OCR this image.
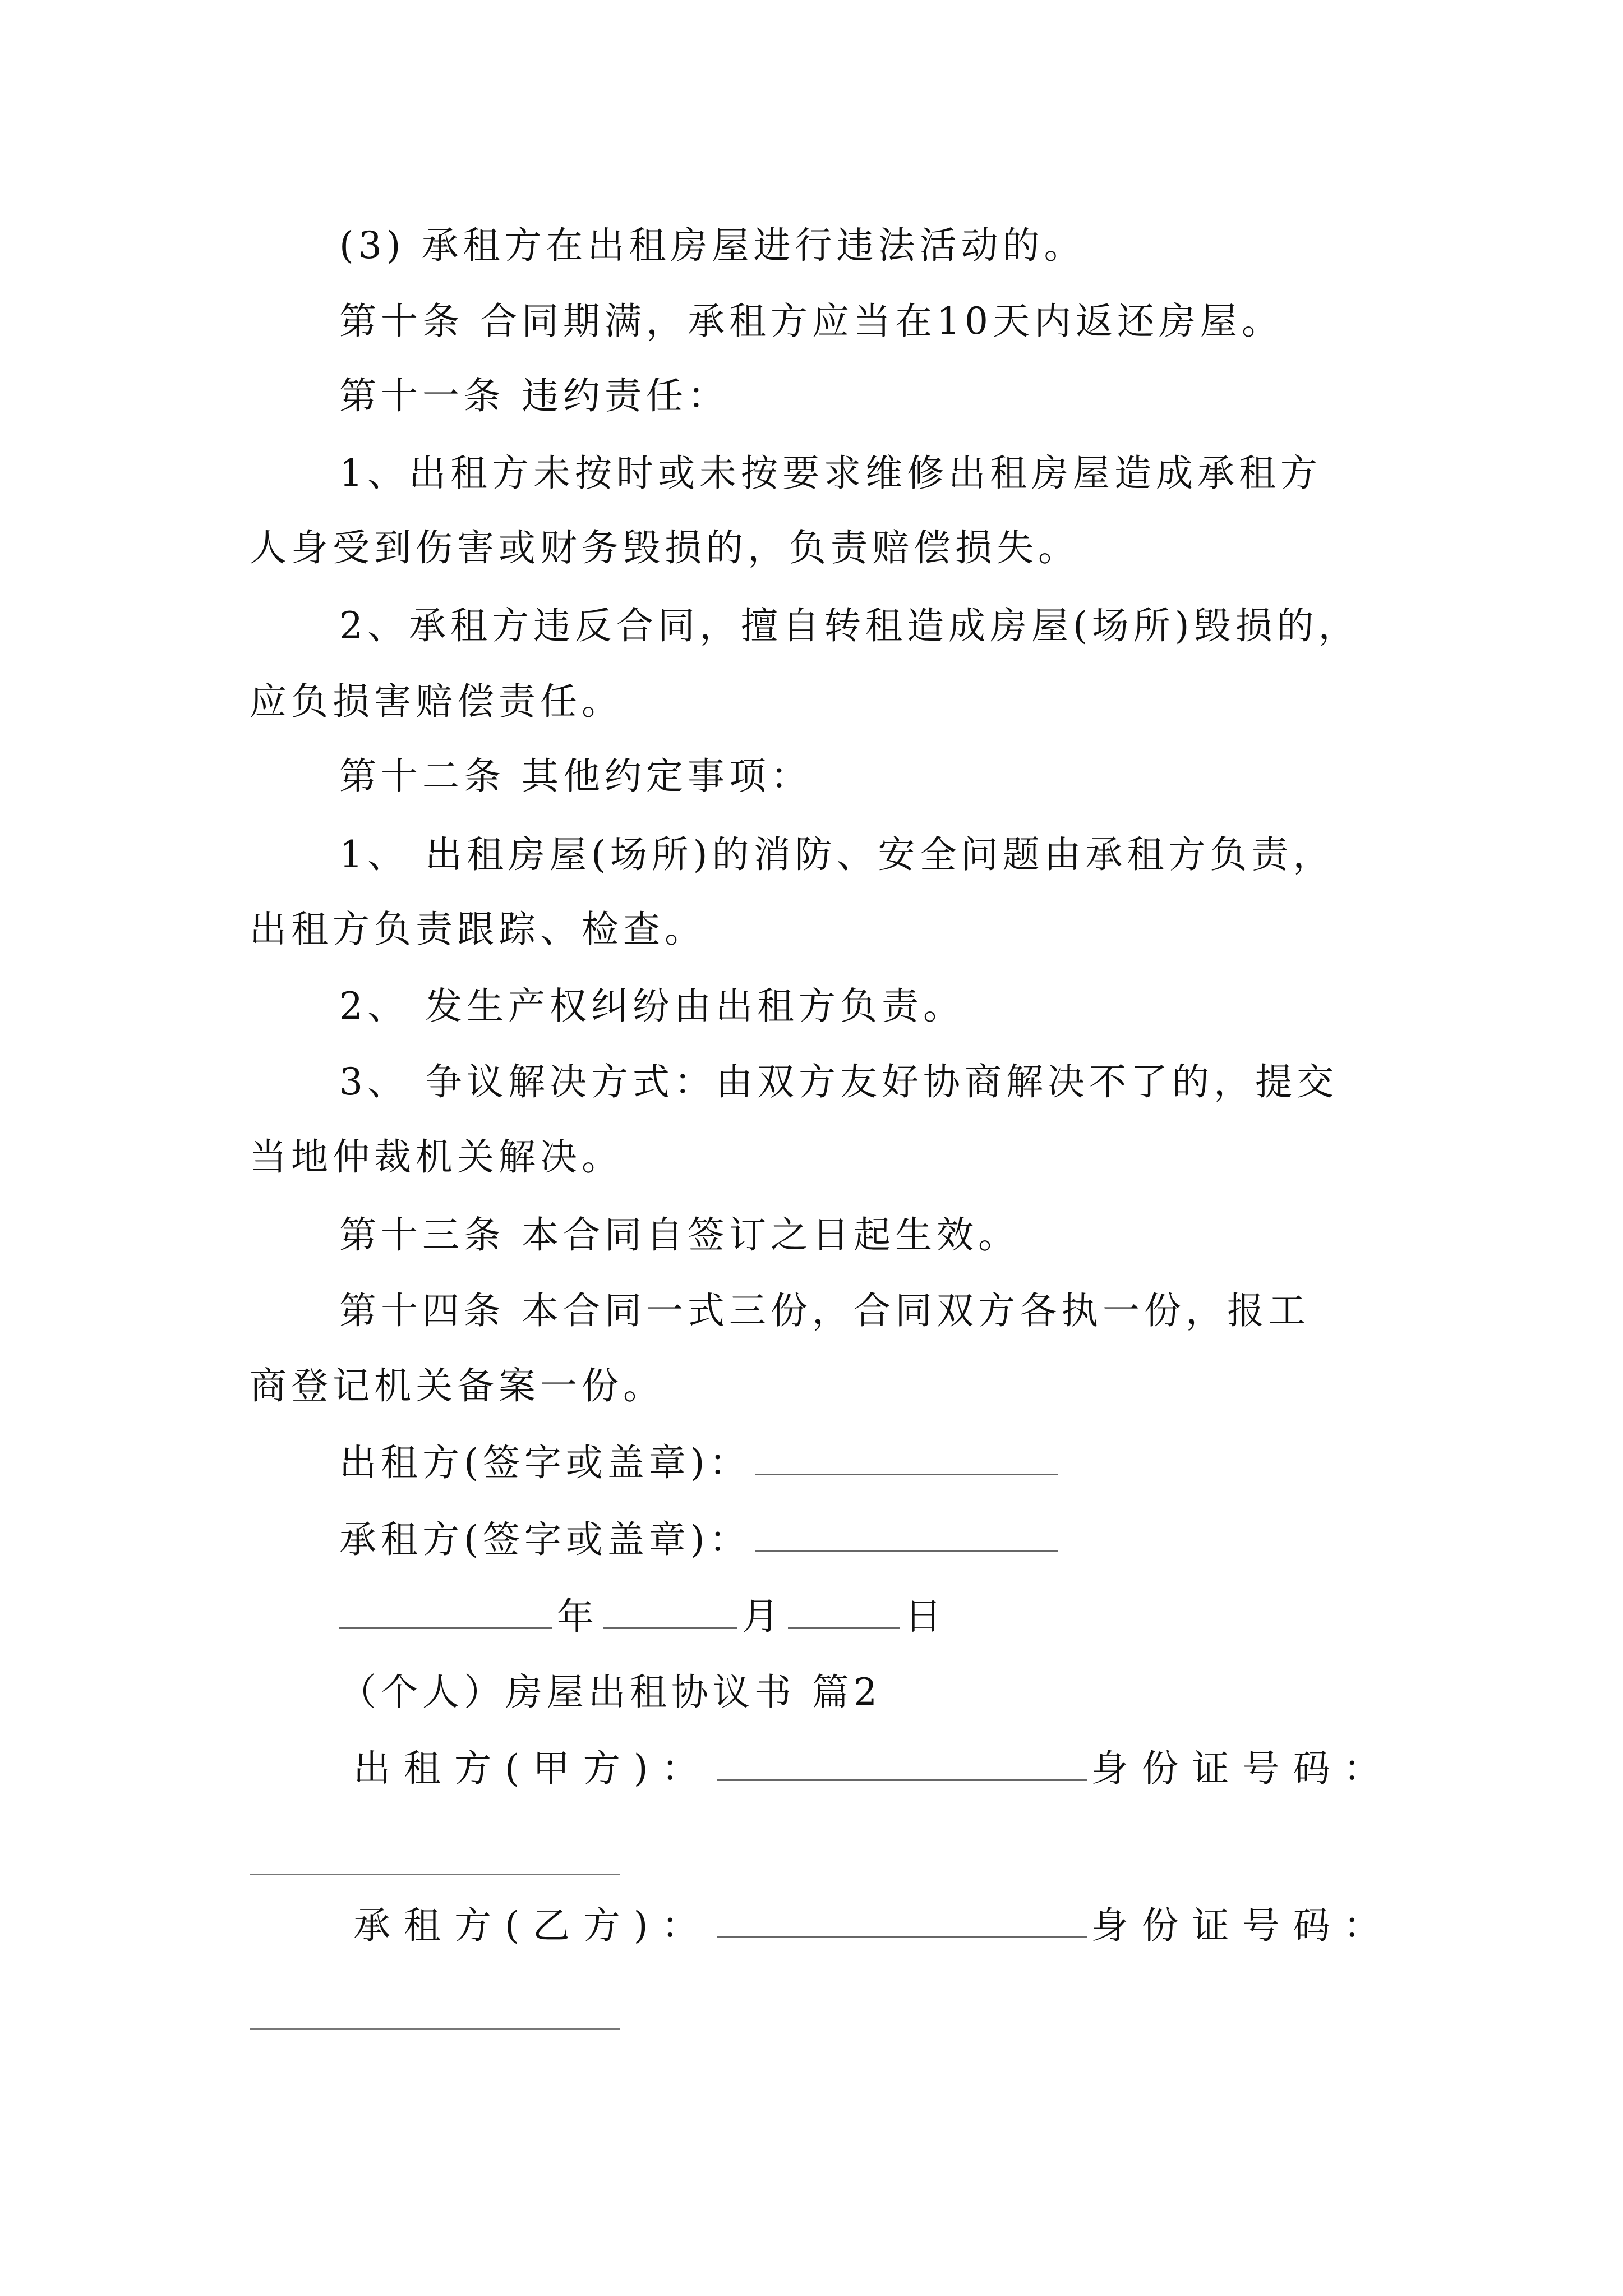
(3) 承租方在出租房屋进行违法活动的。
第十条 合同期满，承租方应当在10天内返还房屋。
第十一条 违约责任：
1、出租方未按时或未按要求维修出租房屋造成承租方
人身受到伤害或财务毁损的，负责赔偿损失。
2、承租方违反合同，擅自转租造成房屋(场所)毁损的，
应负损害赔偿责任。
第十二条 其他约定事项：
1、 出租房屋(场所)的消防、安全问题由承租方负责，
出租方负责跟踪、检查。
2、 发生产权纠纷由出租方负责。
3、 争议解决方式：由双方友好协商解决不了的，提交
当地仲裁机关解决。
第十三条 本合同自签订之日起生效。
第十四条 本合同一式三份，合同双方各执一份，报工
商登记机关备案一份。
出租方(签字或盖章)：
承租方(签字或盖章)：
年	月	日
（个人）房屋出租协议书 篇2
出租方(甲方)：	身份证号码：
承租方(乙方)：	身份证号码：
